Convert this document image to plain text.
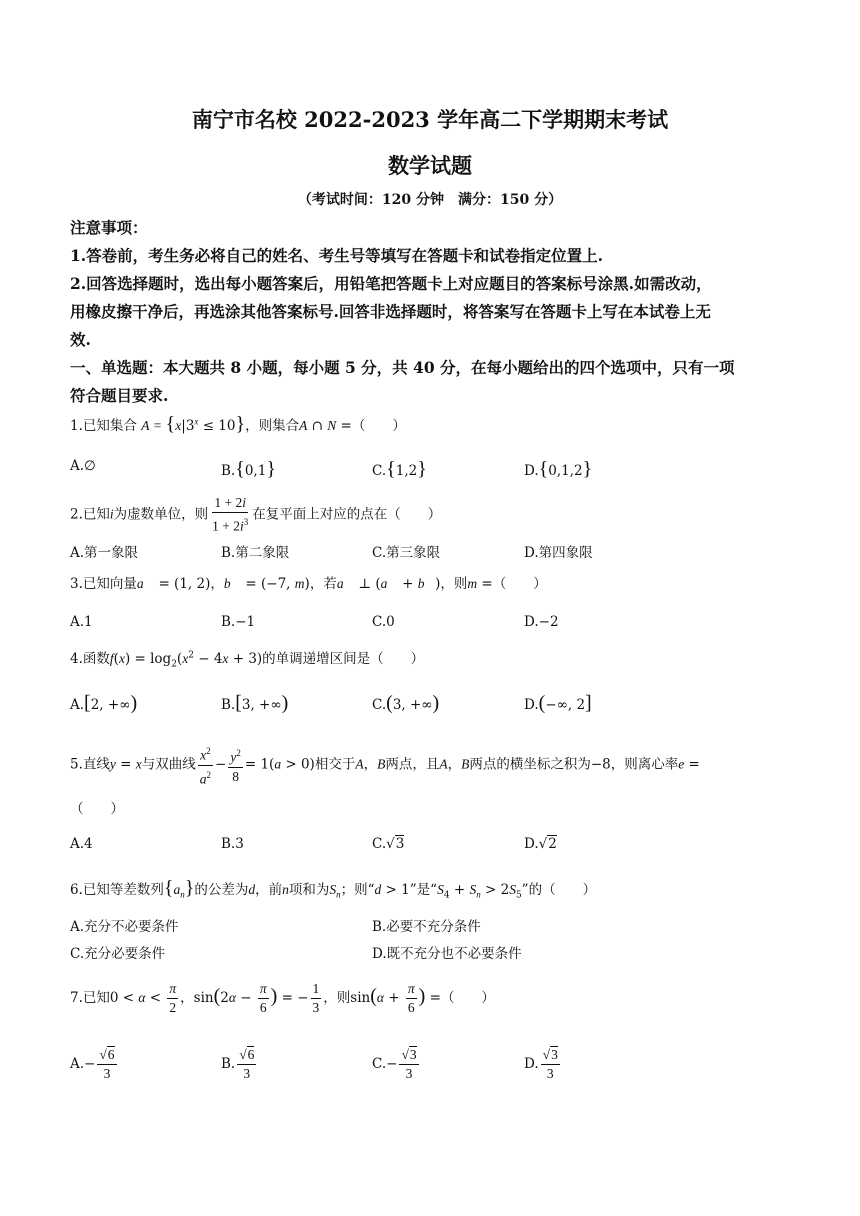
南宁市名校 2022-2023 学年高二下学期期末考试
数学试题
（考试时间：120 分钟　满分：150 分）
注意事项：
1.答卷前，考生务必将自己的姓名、考生号等填写在答题卡和试卷指定位置上.
2.回答选择题时，选出每小题答案后，用铅笔把答题卡上对应题目的答案标号涂黑.如需改动，
用橡皮擦干净后，再选涂其他答案标号.回答非选择题时，将答案写在答题卡上写在本试卷上无
效.
一、单选题：本大题共 8 小题，每小题 5 分，共 40 分，在每小题给出的四个选项中，只有一项
符合题目要求.
1.已知集合 $A = \{x|3^x \le 10\}$，则集合A ∩ N =（　　）
A.∅	B.{0,1}	C.{1,2}	D.{0,1,2}
2.已知i为虚数单位，则 $\frac{1 + 2i}{1 + 2i^3}$ 在复平面上对应的点在（　　）
A.第一象限	B.第二象限	C.第三象限	D.第四象限
3.已知向量a⃗ = (1, 2)，b⃗ = (−7, m)，若a⃗ ⊥ (a⃗ + b⃗)，则m =（　　）
A.1	B.−1	C.0	D.−2
4.函数$f(x) = \log_2(x^2 - 4x + 3)$的单调递增区间是（　　）
A.[2, +∞)	B.[3, +∞)	C.(3, +∞)	D.(−∞, 2]
5.直线y = x与双曲线 $\frac{x^2}{a^2} - \frac{y^2}{8} = 1(a > 0)$相交于A，B两点，且A，B两点的横坐标之积为−8，则离心率e =
（　　）
A.4	B.3	C.√3	D.√2
6.已知等差数列$\{a_n\}$的公差为d，前n项和为$S_n$；则“d > 1”是“$S_4 + S_n > 2S_5$”的（　　）
A.充分不必要条件	B.必要不充分条件
C.充分必要条件	D.既不充分也不必要条件
7.已知$0 < \alpha < \frac{\pi}{2}$ ，$\sin(2\alpha - \frac{\pi}{6}$ ) = − $\frac{1}{3}$ ，则$\sin(\alpha + \frac{\pi}{6}$ ) =（　　）
$A.- \frac{√6}{3}$	B. $\frac{√6}{3}$	$C.- \frac{√3}{3}$	D. $\frac{√3}{3}$
